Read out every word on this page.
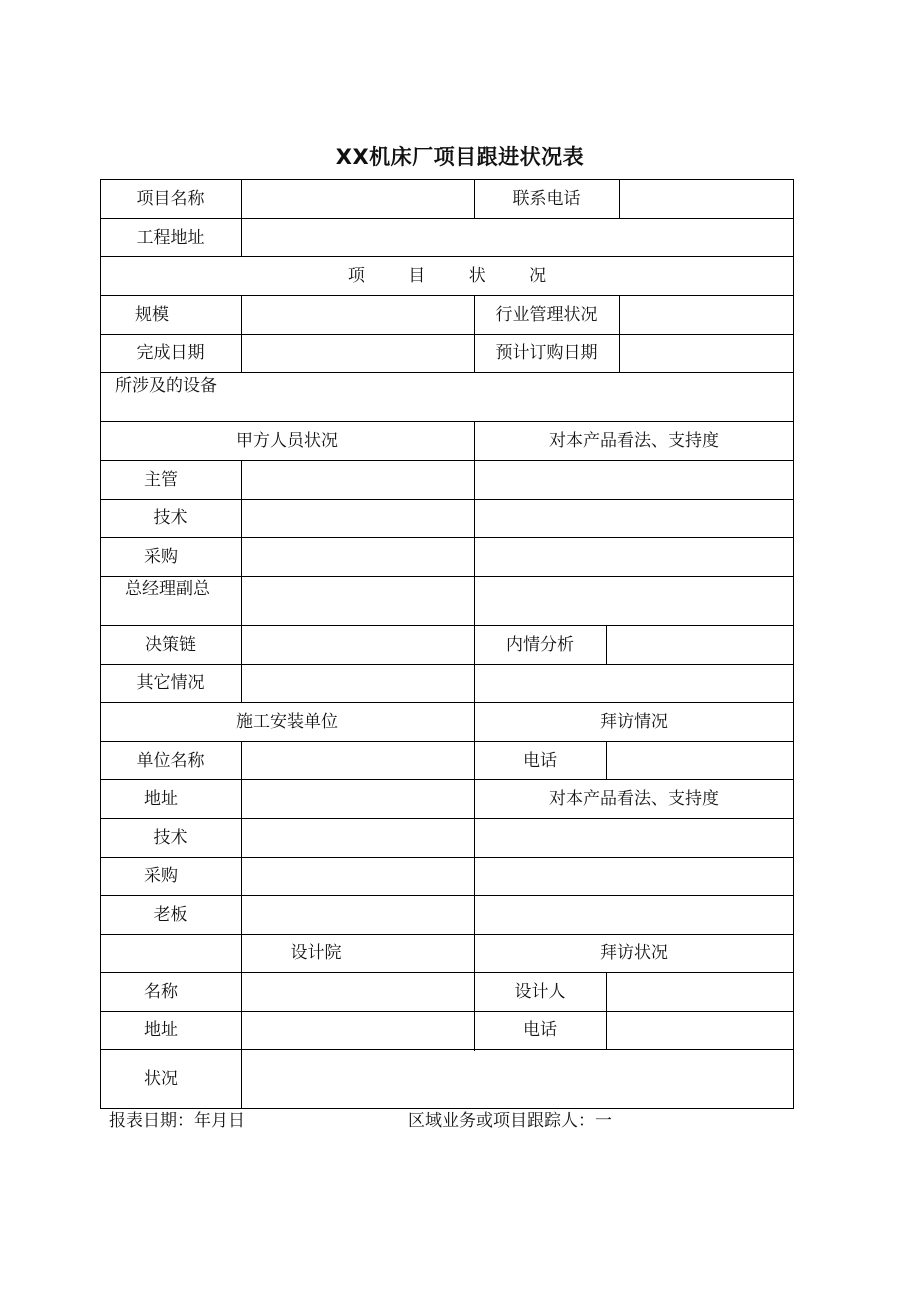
XX机床厂项目跟进状况表
项目名称	联系电话
工程地址
项 目 状 况
规模	行业管理状况
完成日期	预计订购日期
所涉及的设备
甲方人员状况	对本产品看法、支持度
主管
技术
采购
总经理副总
决策链	内情分析
其它情况
施工安装单位	拜访情况
单位名称	电话
地址	对本产品看法、支持度
技术
采购
老板
设计院	拜访状况
名称	设计人
地址	电话
状况
报表日期：年月日	区域业务或项目跟踪人：一
